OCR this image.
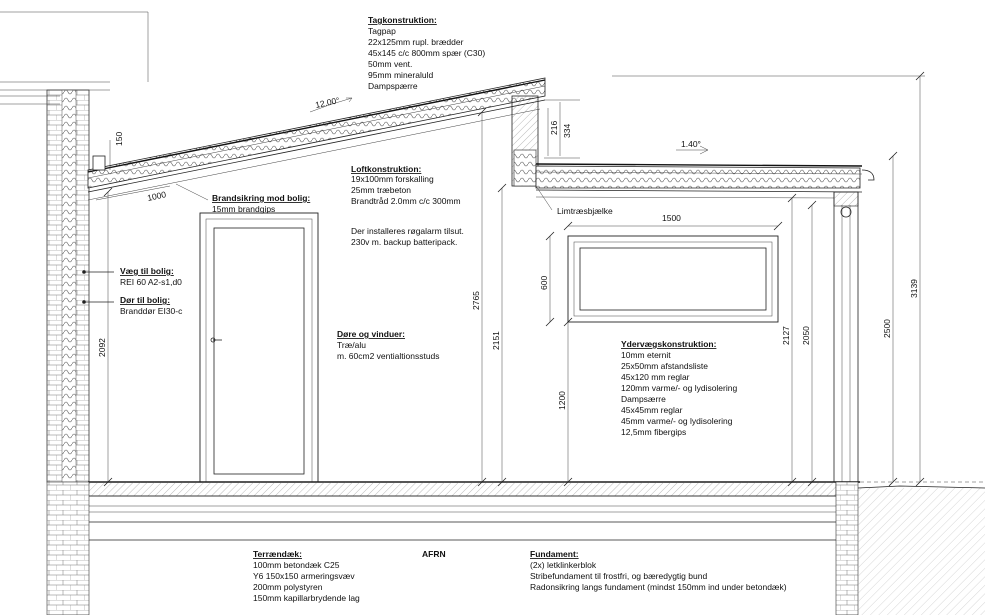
Tagkonstruktion: Tagpap 22x125mm rupl. brædder 45x145 c/c 800mm spær (C30) 50mm vent. 95mm mineraluld Dampspærre
Brandsikring mod bolig: 15mm brandgips
Loftkonstruktion: 19x100mm forskalling 25mm træbeton Brandtråd 2.0mm c/c 300mm Der installeres røgalarm tilsut. 230v m. backup batteripack.
Væg til bolig: REI 60 A2-s1,d0
Dør til bolig: Branddør EI30-c
Døre og vinduer: Træ/alu m. 60cm2 ventialtionsstuds
Ydervægskonstruktion: 10mm eternit 25x50mm afstandsliste 45x120 mm reglar 120mm varme/- og lydisolering Dampsærre 45x45mm reglar 45mm varme/- og lydisolering 12,5mm fibergips
Terrændæk: 100mm betondæk C25 Y6 150x150 armeringsvæv 200mm polystyren 150mm kapillarbrydende lag
AFRN	Fundament: (2x) letklinkerblok Stribefundament til frostfri, og bæredygtig bund Radonsikring langs fundament (mindst 150mm ind under betondæk)
Limtræsbjælke
12.00°
1.40°
150
1000
216 334
1500
600
2092
2765
2151
1200
2127 2050	2500
3139
